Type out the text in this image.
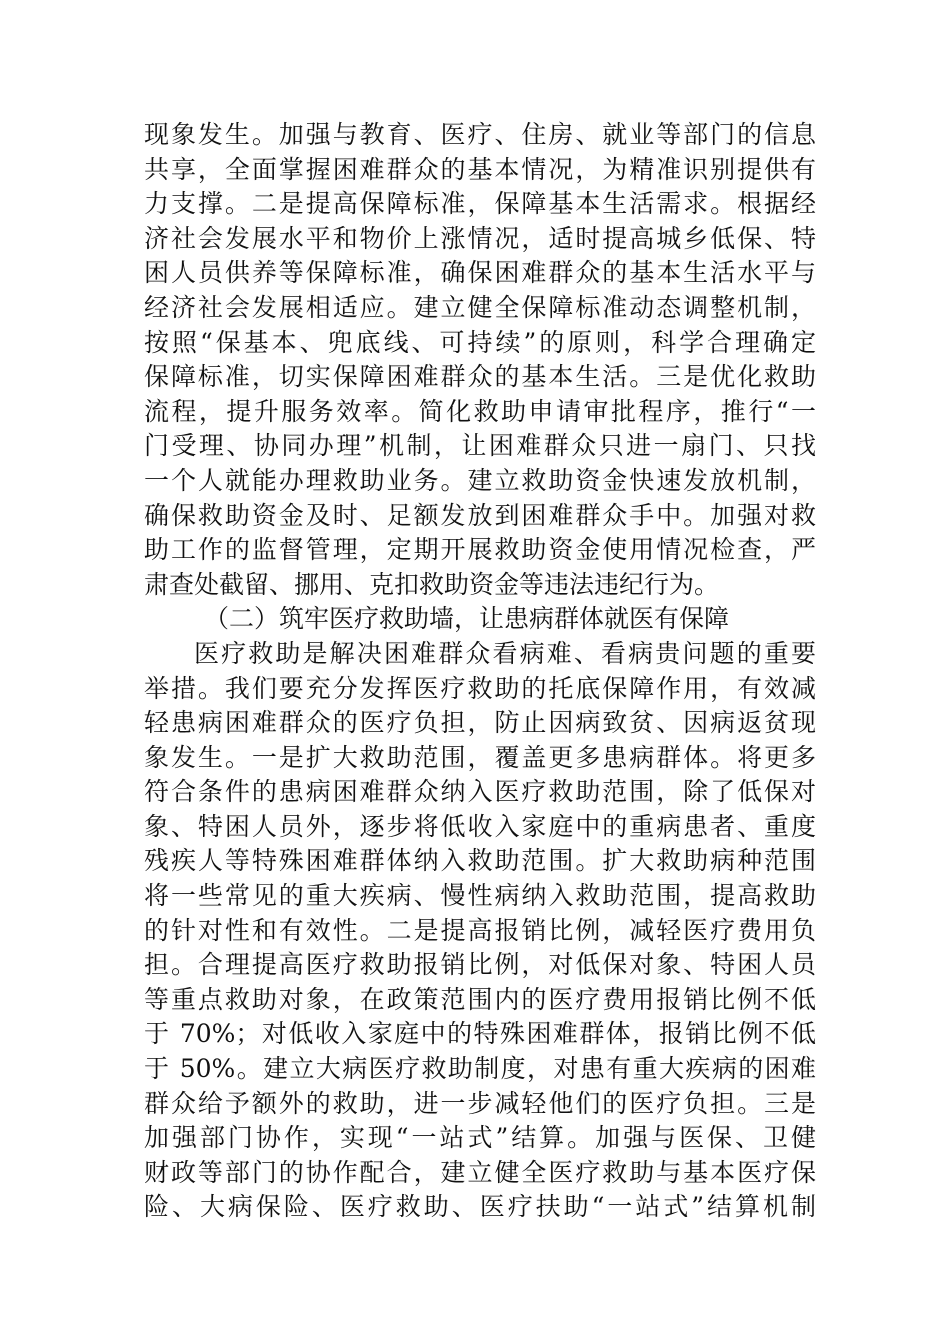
现象发生。加强与教育、医疗、住房、就业等部门的信息
共享，全面掌握困难群众的基本情况，为精准识别提供有
力支撑。二是提高保障标准，保障基本生活需求。根据经
济社会发展水平和物价上涨情况，适时提高城乡低保、特
困人员供养等保障标准，确保困难群众的基本生活水平与
经济社会发展相适应。建立健全保障标准动态调整机制，
按照“保基本、兜底线、可持续”的原则，科学合理确定
保障标准，切实保障困难群众的基本生活。三是优化救助
流程，提升服务效率。简化救助申请审批程序，推行“一
门受理、协同办理”机制，让困难群众只进一扇门、只找
一个人就能办理救助业务。建立救助资金快速发放机制，
确保救助资金及时、足额发放到困难群众手中。加强对救
助工作的监督管理，定期开展救助资金使用情况检查，严
肃查处截留、挪用、克扣救助资金等违法违纪行为。
（二）筑牢医疗救助墙，让患病群体就医有保障
医疗救助是解决困难群众看病难、看病贵问题的重要
举措。我们要充分发挥医疗救助的托底保障作用，有效减
轻患病困难群众的医疗负担，防止因病致贫、因病返贫现
象发生。一是扩大救助范围，覆盖更多患病群体。将更多
符合条件的患病困难群众纳入医疗救助范围，除了低保对
象、特困人员外，逐步将低收入家庭中的重病患者、重度
残疾人等特殊困难群体纳入救助范围。扩大救助病种范围
将一些常见的重大疾病、慢性病纳入救助范围，提高救助
的针对性和有效性。二是提高报销比例，减轻医疗费用负
担。合理提高医疗救助报销比例，对低保对象、特困人员
等重点救助对象，在政策范围内的医疗费用报销比例不低
于 70%；对低收入家庭中的特殊困难群体，报销比例不低
于 50%。建立大病医疗救助制度，对患有重大疾病的困难
群众给予额外的救助，进一步减轻他们的医疗负担。三是
加强部门协作，实现“一站式”结算。加强与医保、卫健
财政等部门的协作配合，建立健全医疗救助与基本医疗保
险、大病保险、医疗救助、医疗扶助“一站式”结算机制
